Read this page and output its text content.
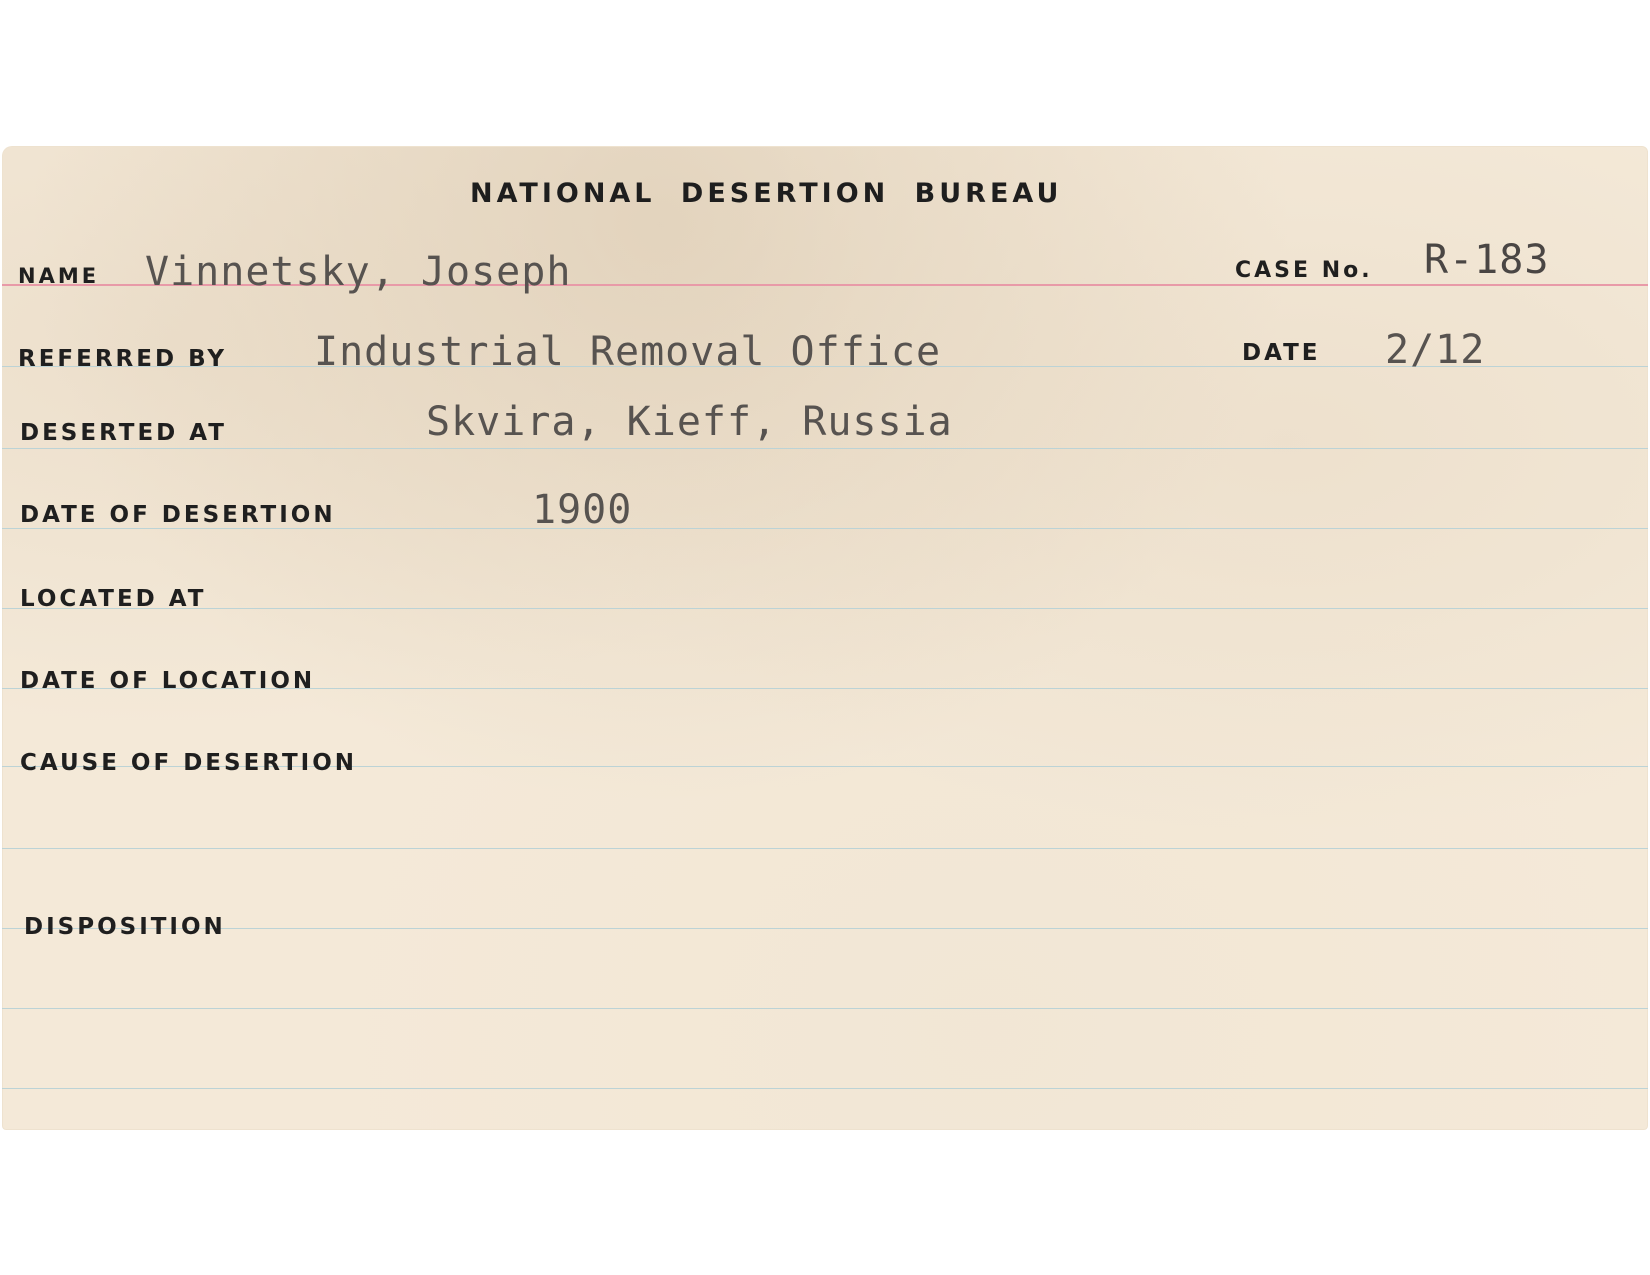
NATIONAL DESERTION BUREAU
NAME Vinnetsky, Joseph	CASE No. R-183
REFERRED BY Industrial Removal Office	DATE 2/12
DESERTED AT	Skvira, Kieff, Russia
DATE OF DESERTION	1900
LOCATED AT
DATE OF LOCATION
CAUSE OF DESERTION
DISPOSITION
